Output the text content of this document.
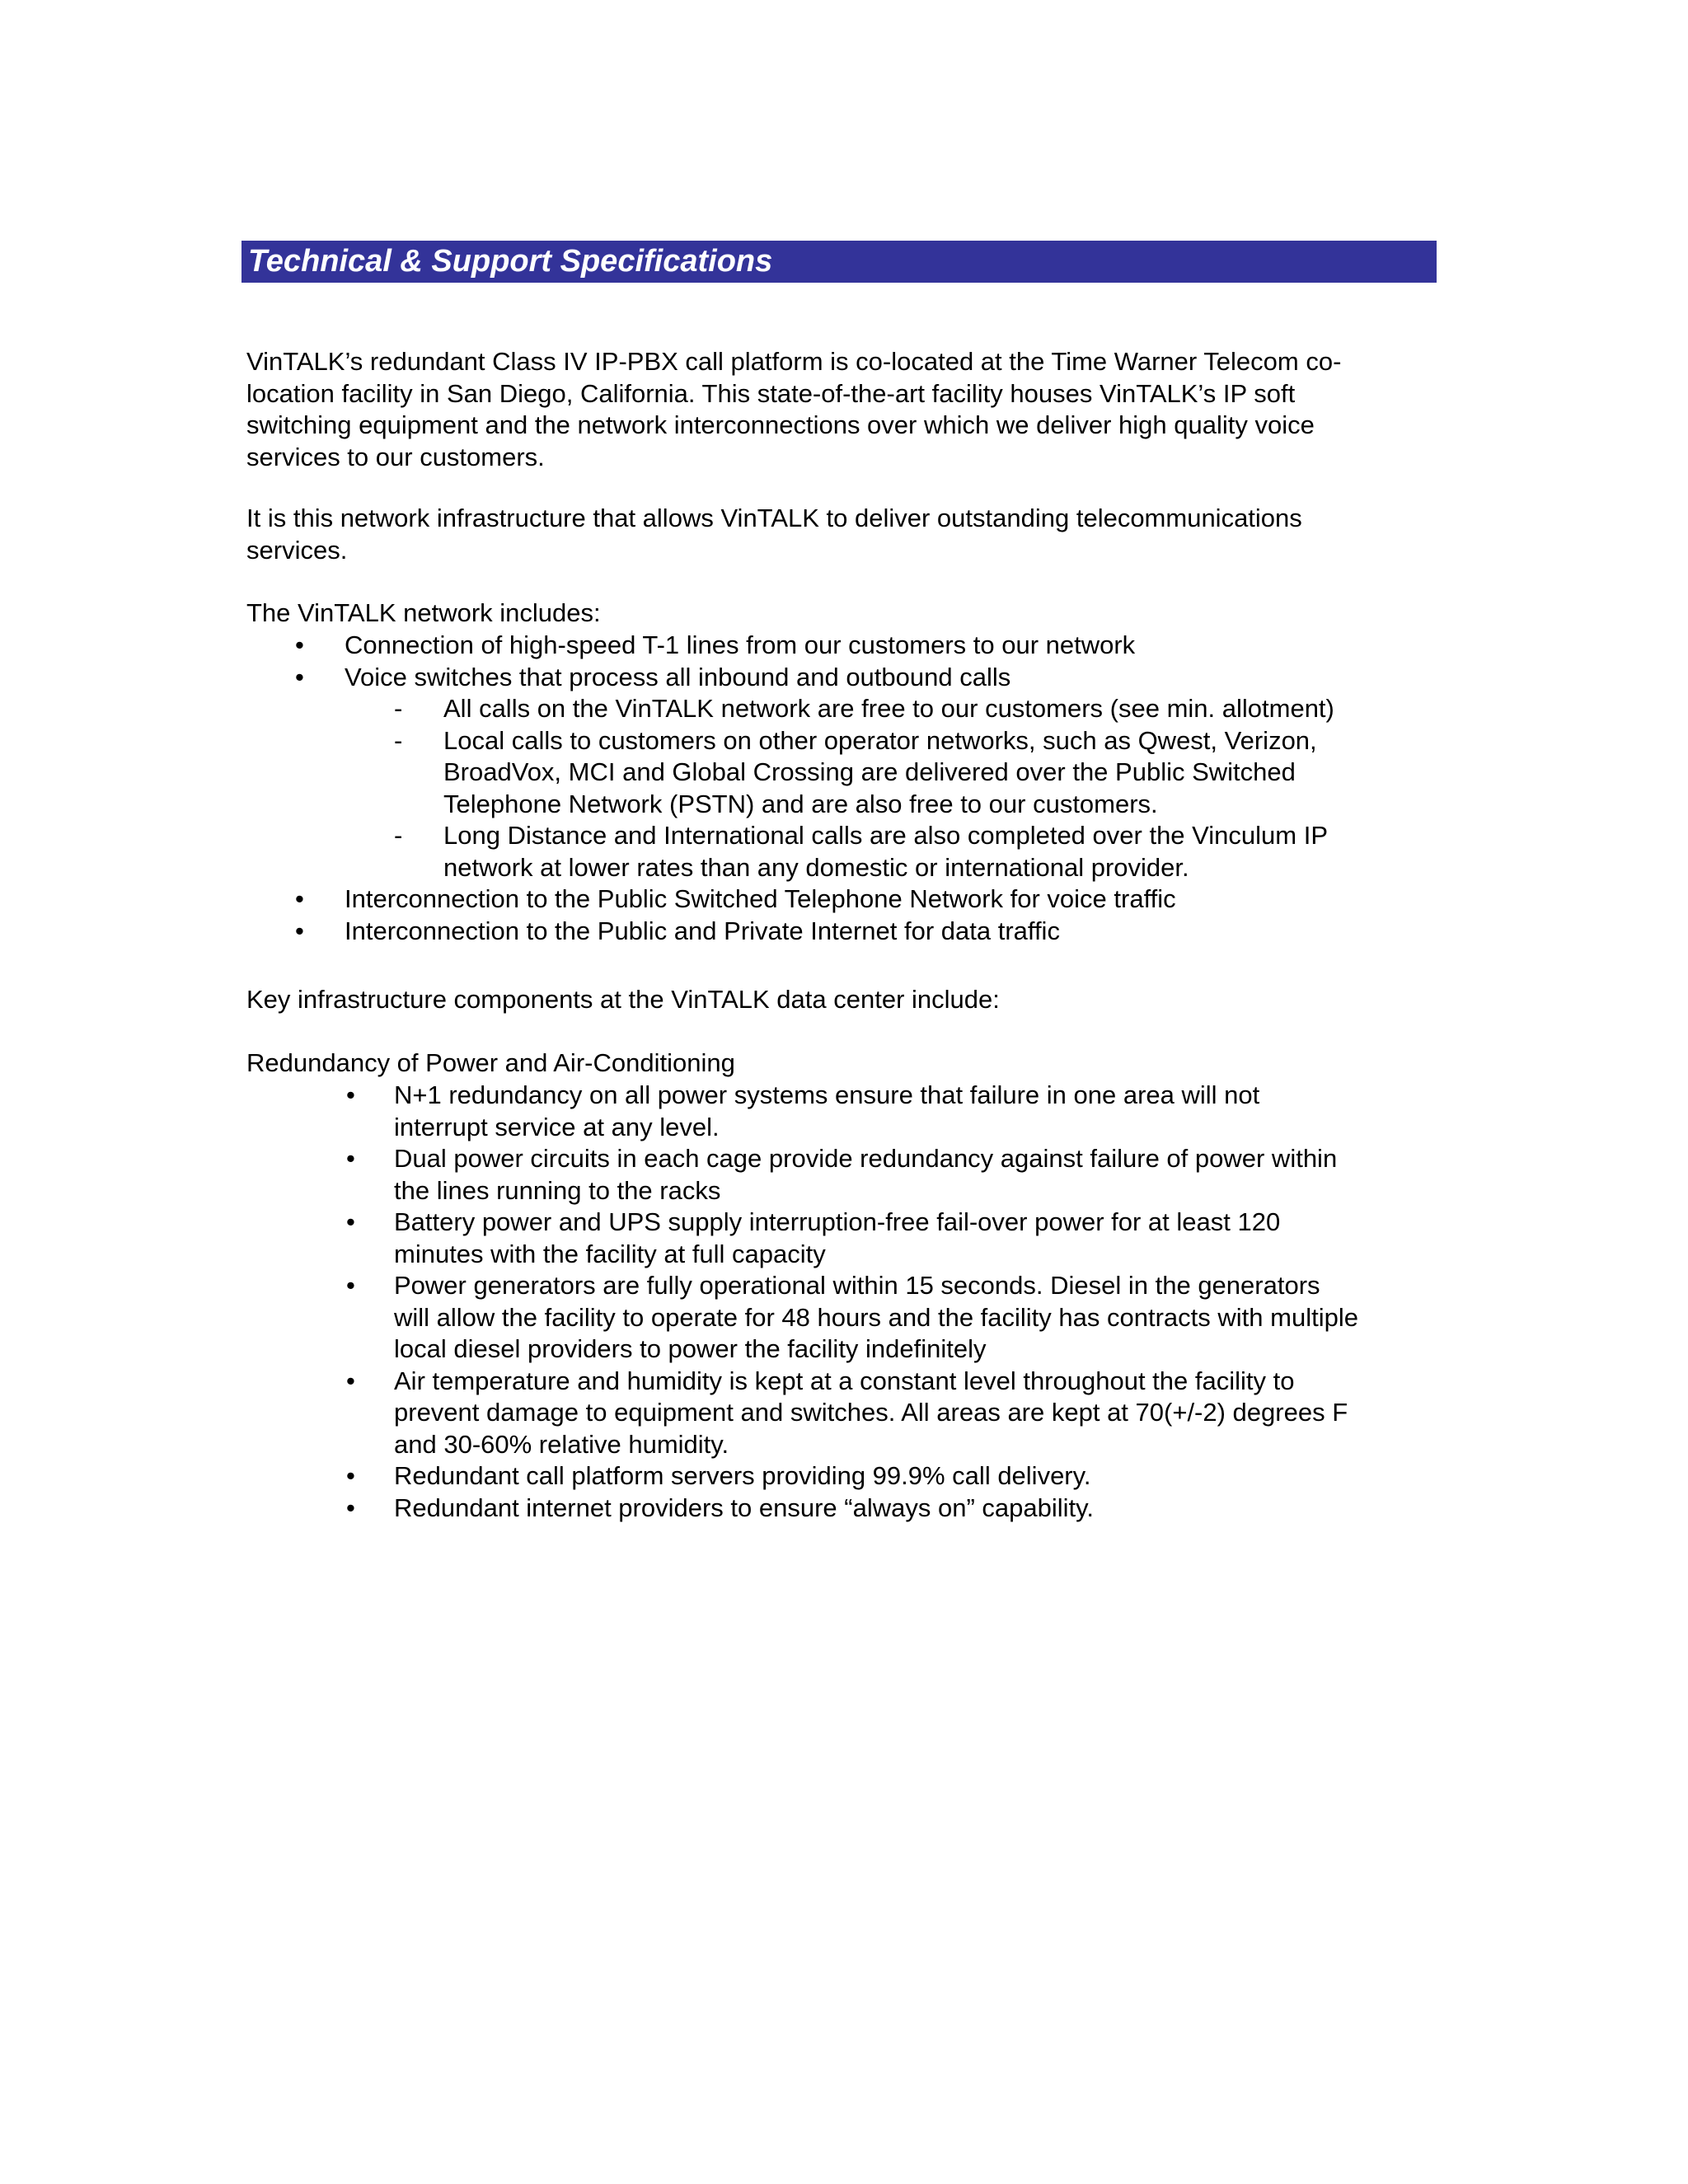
Technical & Support Specifications
VinTALK’s redundant Class IV IP-PBX call platform is co-located at the Time Warner Telecom co-
location facility in San Diego, California. This state-of-the-art facility houses VinTALK’s IP soft
switching equipment and the network interconnections over which we deliver high quality voice
services to our customers.
It is this network infrastructure that allows VinTALK to deliver outstanding telecommunications
services.
The VinTALK network includes:
• Connection of high-speed T-1 lines from our customers to our network
• Voice switches that process all inbound and outbound calls
- All calls on the VinTALK network are free to our customers (see min. allotment)
- Local calls to customers on other operator networks, such as Qwest, Verizon,
BroadVox, MCI and Global Crossing are delivered over the Public Switched
Telephone Network (PSTN) and are also free to our customers.
- Long Distance and International calls are also completed over the Vinculum IP
network at lower rates than any domestic or international provider.
• Interconnection to the Public Switched Telephone Network for voice traffic
• Interconnection to the Public and Private Internet for data traffic
Key infrastructure components at the VinTALK data center include:
Redundancy of Power and Air-Conditioning
• N+1 redundancy on all power systems ensure that failure in one area will not
interrupt service at any level.
• Dual power circuits in each cage provide redundancy against failure of power within
the lines running to the racks
• Battery power and UPS supply interruption-free fail-over power for at least 120
minutes with the facility at full capacity
• Power generators are fully operational within 15 seconds. Diesel in the generators
will allow the facility to operate for 48 hours and the facility has contracts with multiple
local diesel providers to power the facility indefinitely
• Air temperature and humidity is kept at a constant level throughout the facility to
prevent damage to equipment and switches. All areas are kept at 70(+/-2) degrees F
and 30-60% relative humidity.
• Redundant call platform servers providing 99.9% call delivery.
• Redundant internet providers to ensure “always on” capability.
